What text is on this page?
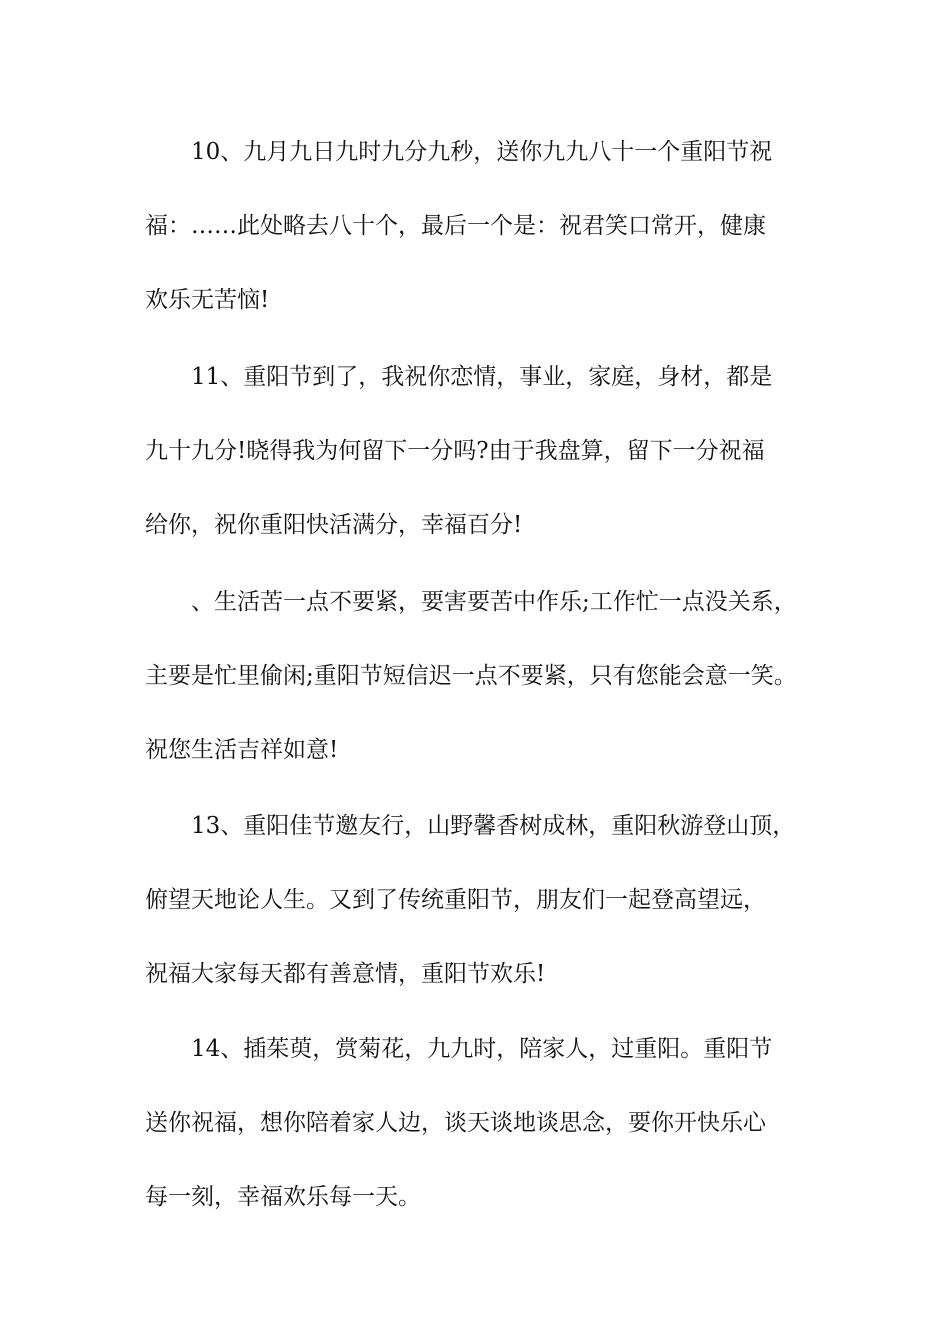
10、九月九日九时九分九秒，送你九九八十一个重阳节祝
福：……此处略去八十个，最后一个是：祝君笑口常开，健康
欢乐无苦恼!
11、重阳节到了，我祝你恋情，事业，家庭，身材，都是
九十九分!晓得我为何留下一分吗?由于我盘算，留下一分祝福
给你，祝你重阳快活满分，幸福百分!
、生活苦一点不要紧，要害要苦中作乐;工作忙一点没关系，
主要是忙里偷闲;重阳节短信迟一点不要紧，只有您能会意一笑。
祝您生活吉祥如意!
13、重阳佳节邀友行，山野馨香树成林，重阳秋游登山顶，
俯望天地论人生。又到了传统重阳节，朋友们一起登高望远，
祝福大家每天都有善意情，重阳节欢乐!
14、插茱萸，赏菊花，九九时，陪家人，过重阳。重阳节
送你祝福，想你陪着家人边，谈天谈地谈思念，要你开快乐心
每一刻，幸福欢乐每一天。
